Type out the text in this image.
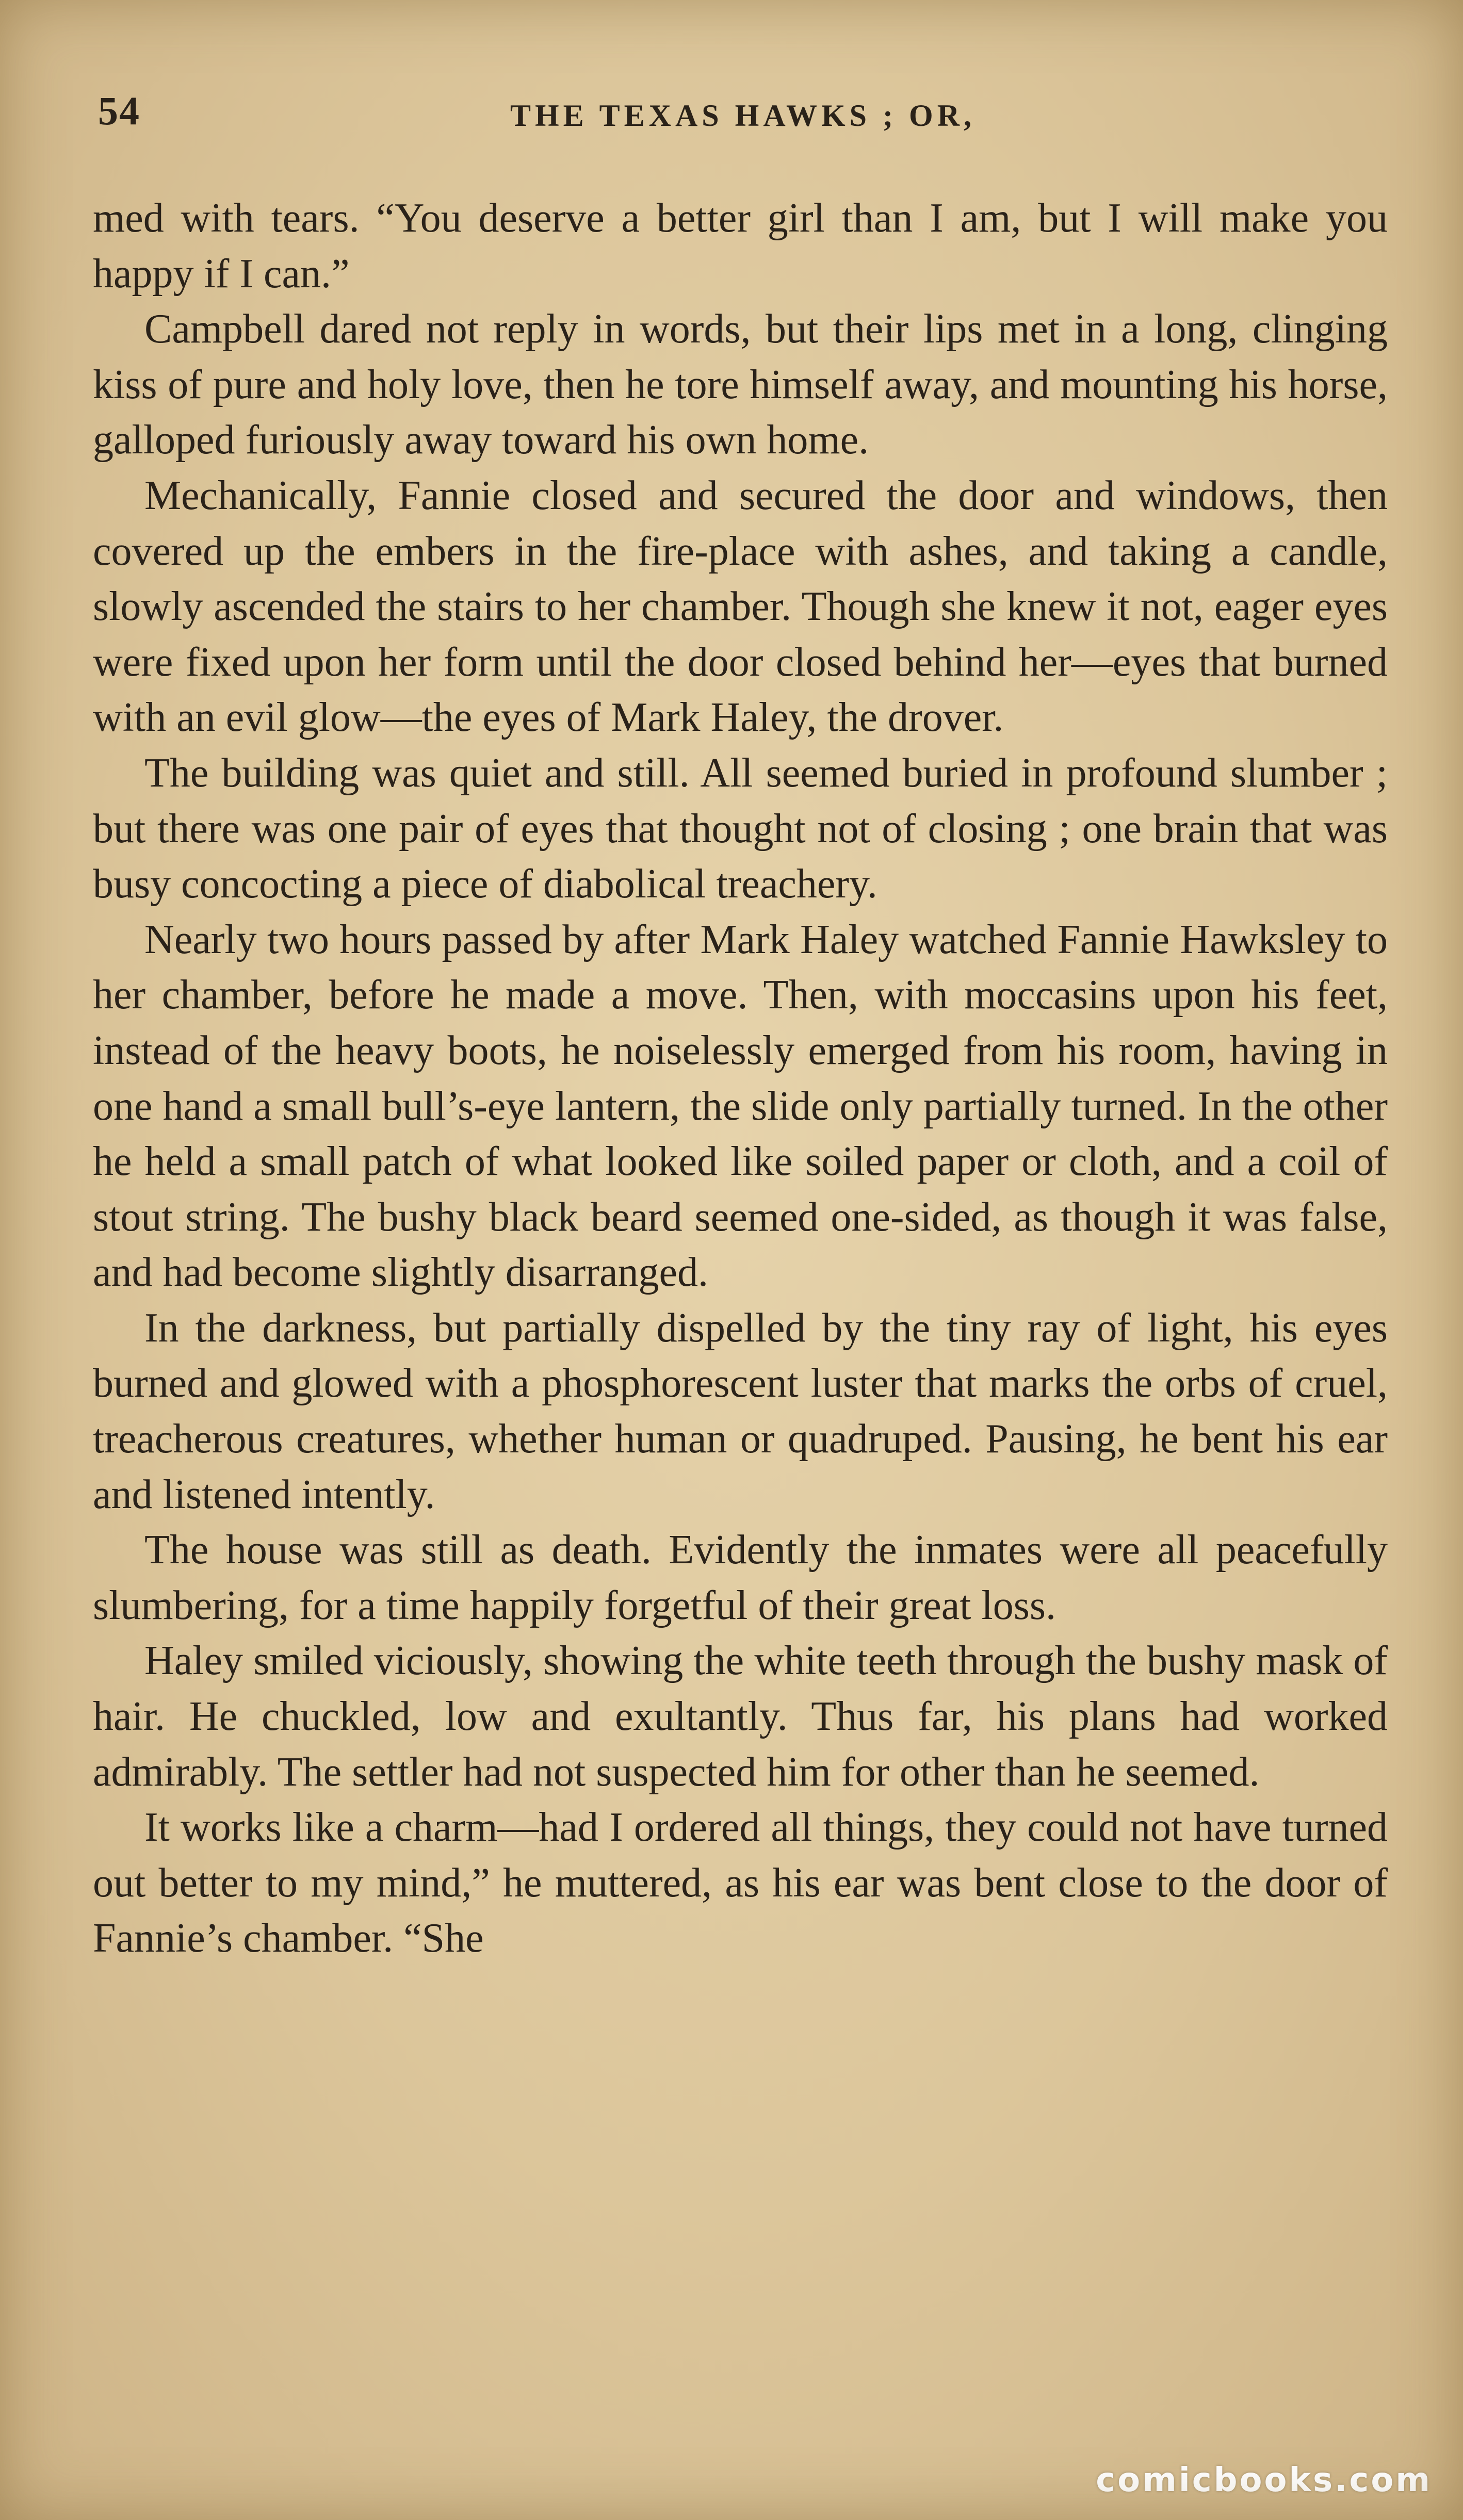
54	THE TEXAS HAWKS ; OR,

med with tears. “You deserve a better girl than I am, but I will make you happy if I can.”

Campbell dared not reply in words, but their lips met in a long, clinging kiss of pure and holy love, then he tore himself away, and mounting his horse, galloped furiously away toward his own home.

Mechanically, Fannie closed and secured the door and windows, then covered up the embers in the fire-place with ashes, and taking a candle, slowly ascended the stairs to her chamber. Though she knew it not, eager eyes were fixed upon her form until the door closed behind her—eyes that burned with an evil glow—the eyes of Mark Haley, the drover.

The building was quiet and still. All seemed buried in profound slumber ; but there was one pair of eyes that thought not of closing ; one brain that was busy concocting a piece of diabolical treachery.

Nearly two hours passed by after Mark Haley watched Fannie Hawksley to her chamber, before he made a move. Then, with moccasins upon his feet, instead of the heavy boots, he noiselessly emerged from his room, having in one hand a small bull’s-eye lantern, the slide only partially turned. In the other he held a small patch of what looked like soiled paper or cloth, and a coil of stout string. The bushy black beard seemed one-sided, as though it was false, and had become slightly disarranged.

In the darkness, but partially dispelled by the tiny ray of light, his eyes burned and glowed with a phosphorescent luster that marks the orbs of cruel, treacherous creatures, whether human or quadruped. Pausing, he bent his ear and listened intently.

The house was still as death. Evidently the inmates were all peacefully slumbering, for a time happily forgetful of their great loss.

Haley smiled viciously, showing the white teeth through the bushy mask of hair. He chuckled, low and exultantly. Thus far, his plans had worked admirably. The settler had not suspected him for other than he seemed.

It works like a charm—had I ordered all things, they could not have turned out better to my mind,” he muttered, as his ear was bent close to the door of Fannie’s chamber. “She

comicbooks.com
